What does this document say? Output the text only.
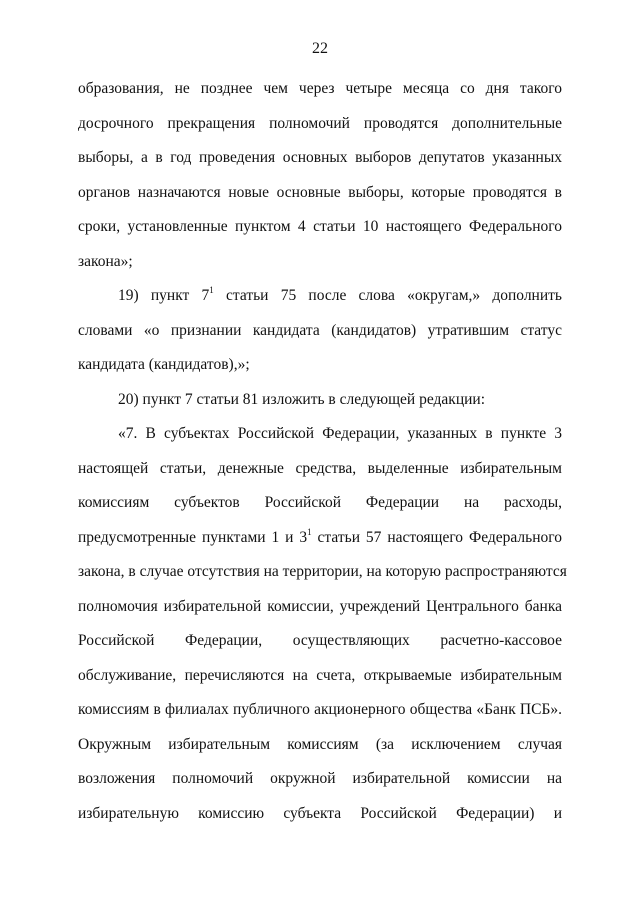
22
образования, не позднее чем через четыре месяца со дня такого
досрочного прекращения полномочий проводятся дополнительные
выборы, а в год проведения основных выборов депутатов указанных
органов назначаются новые основные выборы, которые проводятся в
сроки, установленные пунктом 4 статьи 10 настоящего Федерального
закона»;
19) пункт $7^1$ статьи 75 после слова «округам,» дополнить
словами «о признании кандидата (кандидатов) утратившим статус
кандидата (кандидатов),»;
20) пункт 7 статьи 81 изложить в следующей редакции:
«7. В субъектах Российской Федерации, указанных в пункте 3
настоящей статьи, денежные средства, выделенные избирательным
комиссиям субъектов Российской Федерации на расходы,
предусмотренные пунктами 1 и $3^1$ статьи 57 настоящего Федерального
закона, в случае отсутствия на территории, на которую распространяются
полномочия избирательной комиссии, учреждений Центрального банка
Российской Федерации, осуществляющих расчетно-кассовое
обслуживание, перечисляются на счета, открываемые избирательным
комиссиям в филиалах публичного акционерного общества «Банк ПСБ».
Окружным избирательным комиссиям (за исключением случая
возложения полномочий окружной избирательной комиссии на
избирательную комиссию субъекта Российской Федерации) и
